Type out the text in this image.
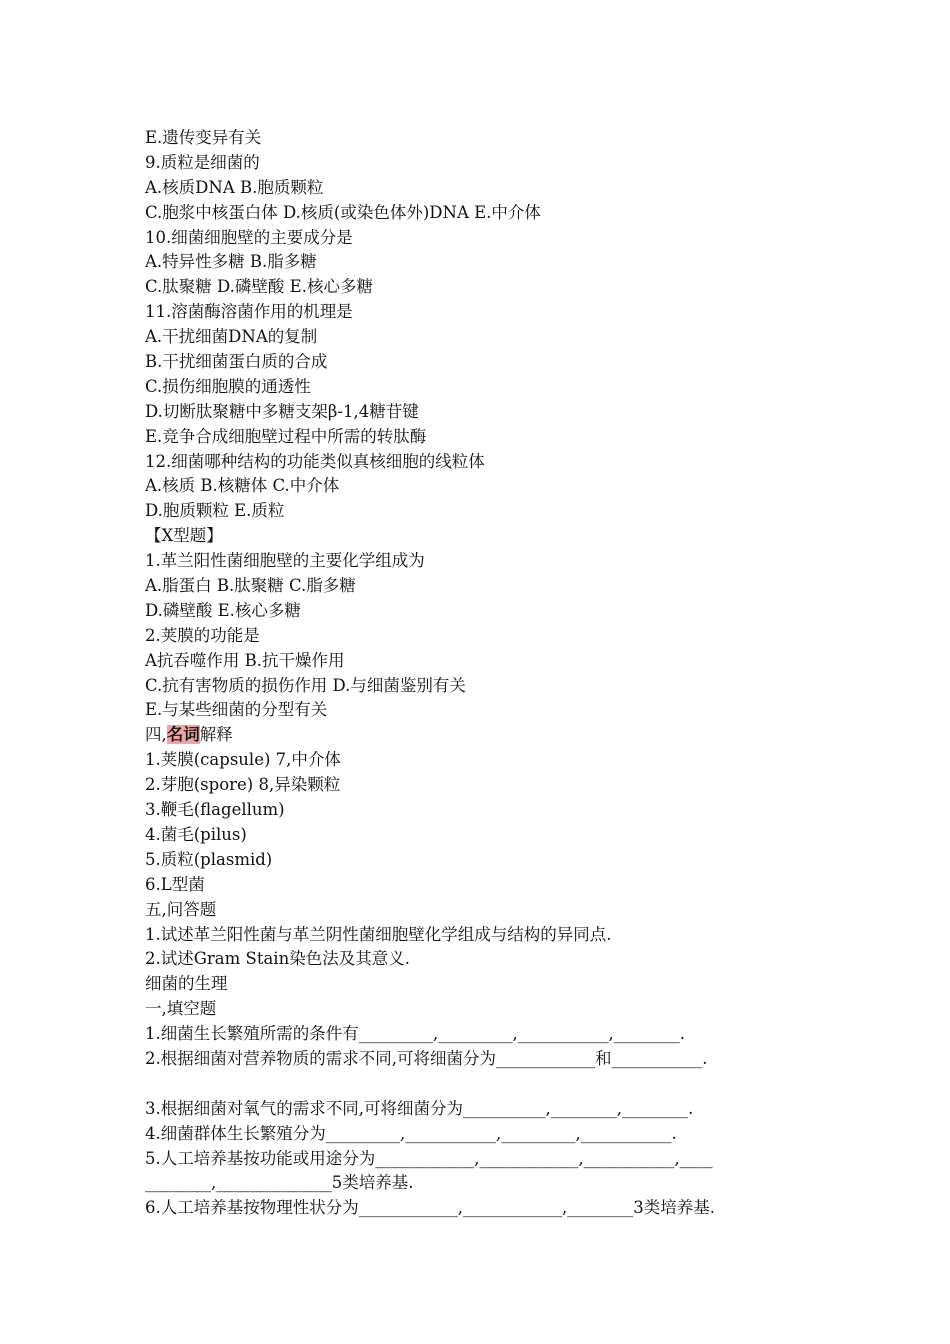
E.遗传变异有关
9.质粒是细菌的
A.核质DNA B.胞质颗粒
C.胞浆中核蛋白体 D.核质(或染色体外)DNA E.中介体
10.细菌细胞壁的主要成分是
A.特异性多糖 B.脂多糖
C.肽聚糖 D.磷壁酸 E.核心多糖
11.溶菌酶溶菌作用的机理是
A.干扰细菌DNA的复制
B.干扰细菌蛋白质的合成
C.损伤细胞膜的通透性
D.切断肽聚糖中多糖支架β-1,4糖苷键
E.竞争合成细胞壁过程中所需的转肽酶
12.细菌哪种结构的功能类似真核细胞的线粒体
A.核质 B.核糖体 C.中介体
D.胞质颗粒 E.质粒
【X型题】
1.革兰阳性菌细胞壁的主要化学组成为
A.脂蛋白 B.肽聚糖 C.脂多糖
D.磷壁酸 E.核心多糖
2.荚膜的功能是
A抗吞噬作用 B.抗干燥作用
C.抗有害物质的损伤作用 D.与细菌鉴别有关
E.与某些细菌的分型有关
四,名词解释
1.荚膜(capsule) 7,中介体
2.芽胞(spore) 8,异染颗粒
3.鞭毛(flagellum)
4.菌毛(pilus)
5.质粒(plasmid)
6.L型菌
五,问答题
1.试述革兰阳性菌与革兰阴性菌细胞壁化学组成与结构的异同点.
2.试述Gram Stain染色法及其意义.
细菌的生理
一,填空题
1.细菌生长繁殖所需的条件有_________,_________,___________,________.
2.根据细菌对营养物质的需求不同,可将细菌分为____________和___________.
3.根据细菌对氧气的需求不同,可将细菌分为__________,________,________.
4.细菌群体生长繁殖分为_________,___________,_________,___________.
5.人工培养基按功能或用途分为____________,____________,___________,____
________,______________5类培养基.
6.人工培养基按物理性状分为____________,____________,________3类培养基.
